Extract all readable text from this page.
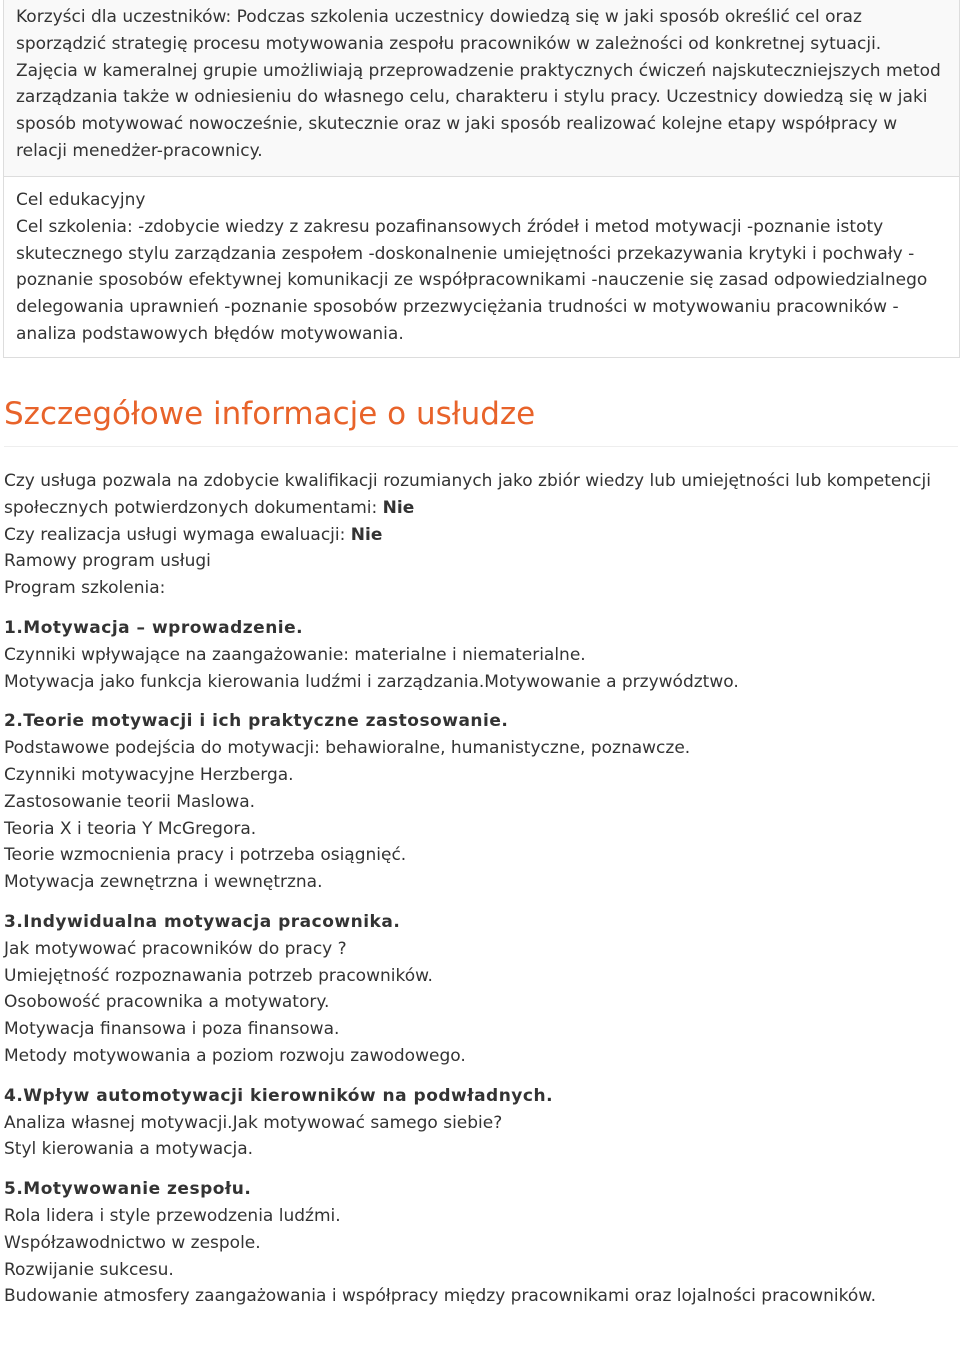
Korzyści dla uczestników: Podczas szkolenia uczestnicy dowiedzą się w jaki sposób określić cel oraz sporządzić strategię procesu motywowania zespołu pracowników w zależności od konkretnej sytuacji. Zajęcia w kameralnej grupie umożliwiają przeprowadzenie praktycznych ćwiczeń najskuteczniejszych metod zarządzania także w odniesieniu do własnego celu, charakteru i stylu pracy. Uczestnicy dowiedzą się w jaki sposób motywować nowocześnie, skutecznie oraz w jaki sposób realizować kolejne etapy współpracy w relacji menedżer-pracownicy.

Cel edukacyjny

Cel szkolenia: -zdobycie wiedzy z zakresu pozafinansowych źródeł i metod motywacji -poznanie istoty skutecznego stylu zarządzania zespołem -doskonalnenie umiejętności przekazywania krytyki i pochwały -poznanie sposobów efektywnej komunikacji ze współpracownikami -nauczenie się zasad odpowiedzialnego delegowania uprawnień -poznanie sposobów przezwyciężania trudności w motywowaniu pracowników -analiza podstawowych błędów motywowania.

Szczegółowe informacje o usłudze

Czy usługa pozwala na zdobycie kwalifikacji rozumianych jako zbiór wiedzy lub umiejętności lub kompetencji społecznych potwierdzonych dokumentami: Nie

Czy realizacja usługi wymaga ewaluacji: Nie

Ramowy program usługi

Program szkolenia:

1.Motywacja – wprowadzenie.

Czynniki wpływające na zaangażowanie: materialne i niematerialne.

Motywacja jako funkcja kierowania ludźmi i zarządzania.Motywowanie a przywództwo.

2.Teorie motywacji i ich praktyczne zastosowanie.

Podstawowe podejścia do motywacji: behawioralne, humanistyczne, poznawcze.

Czynniki motywacyjne Herzberga.

Zastosowanie teorii Maslowa.

Teoria X i teoria Y McGregora.

Teorie wzmocnienia pracy i potrzeba osiągnięć.

Motywacja zewnętrzna i wewnętrzna.

3.Indywidualna motywacja pracownika.

Jak motywować pracowników do pracy ?

Umiejętność rozpoznawania potrzeb pracowników.

Osobowość pracownika a motywatory.

Motywacja finansowa i poza finansowa.

Metody motywowania a poziom rozwoju zawodowego.

4.Wpływ automotywacji kierowników na podwładnych.

Analiza własnej motywacji.Jak motywować samego siebie?

Styl kierowania a motywacja.

5.Motywowanie zespołu.

Rola lidera i style przewodzenia ludźmi.

Współzawodnictwo w zespole.

Rozwijanie sukcesu.

Budowanie atmosfery zaangażowania i współpracy między pracownikami oraz lojalności pracowników.
